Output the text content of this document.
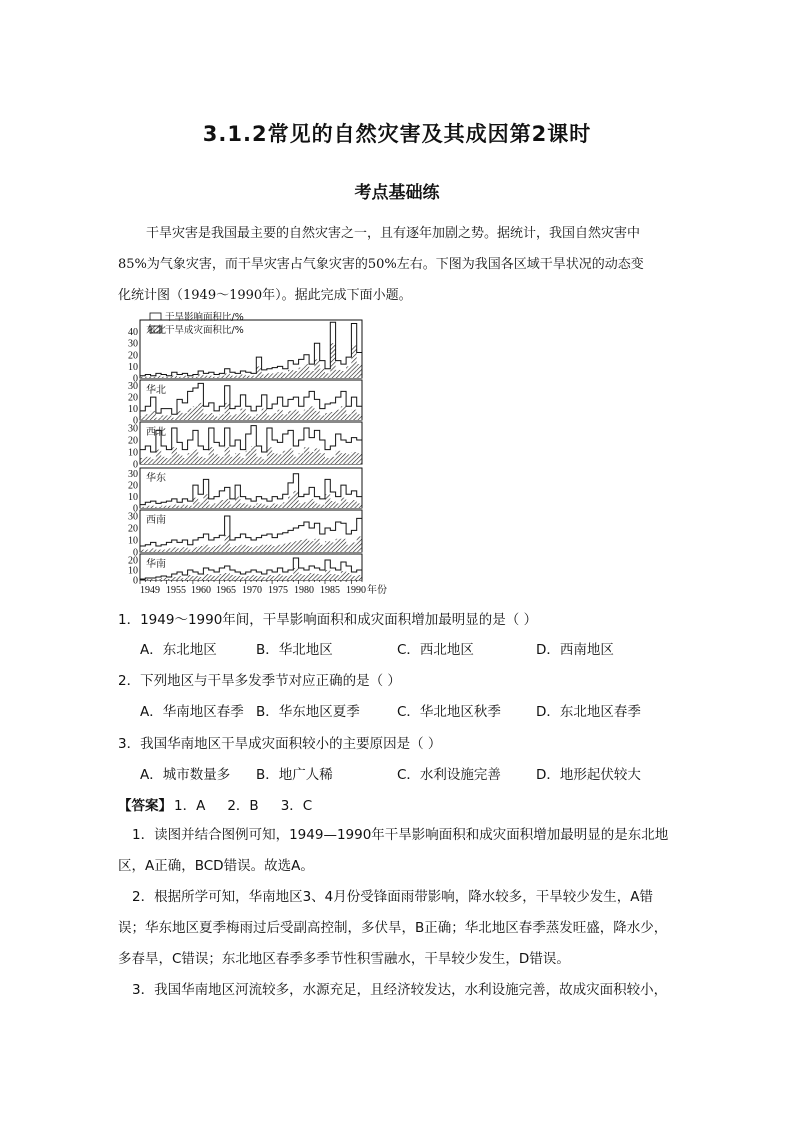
3.1.2常见的自然灾害及其成因第2课时
考点基础练

干旱灾害是我国最主要的自然灾害之一，且有逐年加剧之势。据统计，我国自然灾害中

85%为气象灾害，而干旱灾害占气象灾害的50%左右。下图为我国各区域干旱状况的动态变

化统计图（1949～1990年）。据此完成下面小题。

干旱影响面积比/%
干旱成灾面积比/%
0
10
20
30
40 东北
0
10
20
30 华北
0
10
20
30 西北
0
10
20
30 华东
0
10
20
30 西南
0
10
20 华南
1949 1955 1960 1965 1970 1975 1980 1985 1990 年份
1．1949～1990年间，干旱影响面积和成灾面积增加最明显的是（ ）
A．东北地区	B．华北地区	C．西北地区	D．西南地区
2．下列地区与干旱多发季节对应正确的是（ ）
A．华南地区春季 B．华东地区夏季	C．华北地区秋季	D．东北地区春季
3．我国华南地区干旱成灾面积较小的主要原因是（ ）
A．城市数量多 B．地广人稀	C．水利设施完善	D．地形起伏较大
【答案】 1．A 2．B 3．C

1．读图并结合图例可知，1949—1990年干旱影响面积和成灾面积增加最明显的是东北地

区，A正确，BCD错误。故选A。

2．根据所学可知，华南地区3、4月份受锋面雨带影响，降水较多，干旱较少发生，A错

误；华东地区夏季梅雨过后受副高控制，多伏旱，B正确；华北地区春季蒸发旺盛，降水少，

多春旱，C错误；东北地区春季多季节性积雪融水，干旱较少发生，D错误。

3．我国华南地区河流较多，水源充足，且经济较发达，水利设施完善，故成灾面积较小，
